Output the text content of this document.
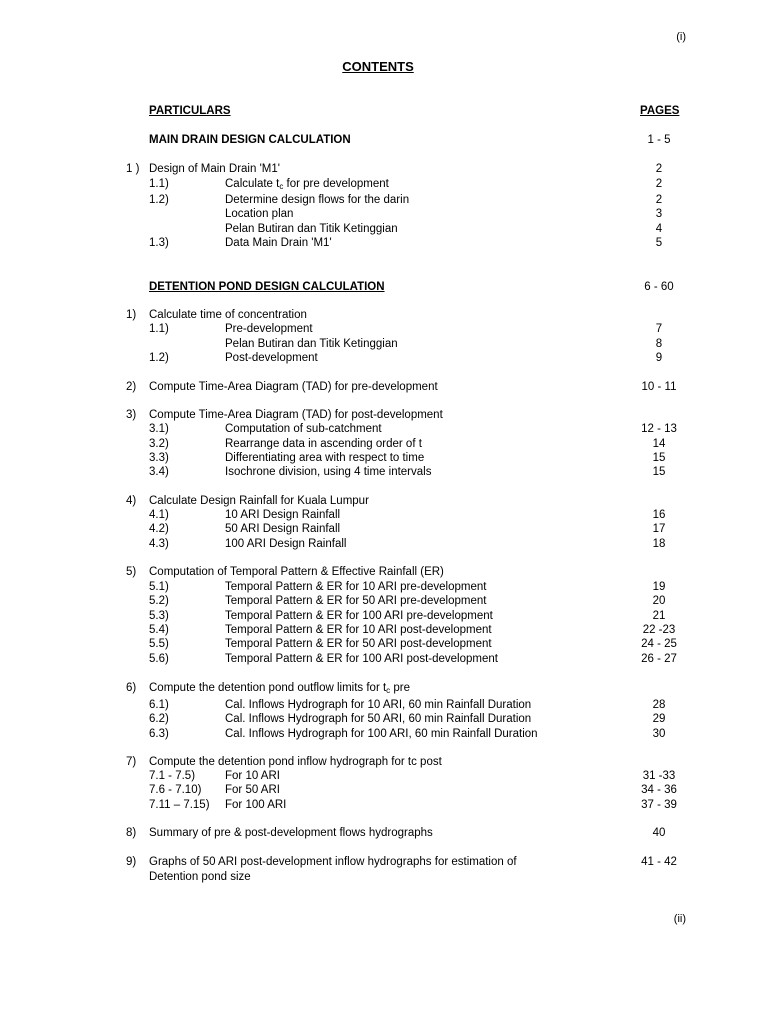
(i)
CONTENTS
PARTICULARS	PAGES
MAIN DRAIN DESIGN CALCULATION	1 - 5
1 ) Design of Main Drain 'M1'	2
1.1)	Calculate $t_c$ for pre development	2
1.2)	Determine design flows for the darin	2
Location plan	3
Pelan Butiran dan Titik Ketinggian	4
1.3)	Data Main Drain 'M1'	5
DETENTION POND DESIGN CALCULATION	6 - 60
1) Calculate time of concentration
1.1)	Pre-development	7
Pelan Butiran dan Titik Ketinggian	8
1.2)	Post-development	9
2) Compute Time-Area Diagram (TAD) for pre-development	10 - 11
3) Compute Time-Area Diagram (TAD) for post-development
3.1)	Computation of sub-catchment	12 - 13
3.2)	Rearrange data in ascending order of t	14
3.3)	Differentiating area with respect to time	15
3.4)	Isochrone division, using 4 time intervals	15
4) Calculate Design Rainfall for Kuala Lumpur
4.1)	10 ARI Design Rainfall	16
4.2)	50 ARI Design Rainfall	17
4.3)	100 ARI Design Rainfall	18
5) Computation of Temporal Pattern & Effective Rainfall (ER)
5.1)	Temporal Pattern & ER for 10 ARI pre-development	19
5.2)	Temporal Pattern & ER for 50 ARI pre-development	20
5.3)	Temporal Pattern & ER for 100 ARI pre-development	21
5.4)	Temporal Pattern & ER for 10 ARI post-development	22 -23
5.5)	Temporal Pattern & ER for 50 ARI post-development	24 - 25
5.6)	Temporal Pattern & ER for 100 ARI post-development	26 - 27
6) Compute the detention pond outflow limits for $t_c$ pre
6.1)	Cal. Inflows Hydrograph for 10 ARI, 60 min Rainfall Duration	28
6.2)	Cal. Inflows Hydrograph for 50 ARI, 60 min Rainfall Duration	29
6.3)	Cal. Inflows Hydrograph for 100 ARI, 60 min Rainfall Duration	30
7) Compute the detention pond inflow hydrograph for tc post
7.1 - 7.5)	For 10 ARI	31 -33
7.6 - 7.10) For 50 ARI	34 - 36
7.11 – 7.15) For 100 ARI	37 - 39
8) Summary of pre & post-development flows hydrographs	40
9) Graphs of 50 ARI post-development inflow hydrographs for estimation of	41 - 42
Detention pond size
(ii)
